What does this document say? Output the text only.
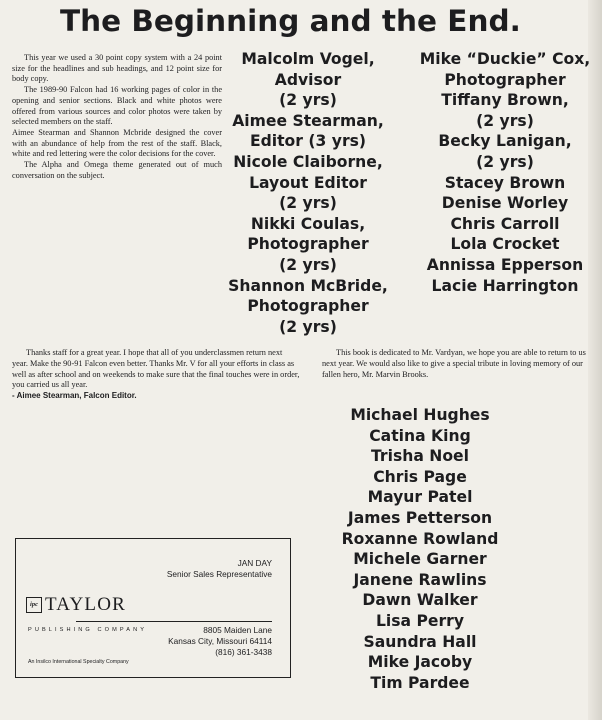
The Beginning and the End.

This year we used a 30 point copy system with a 24 point size for the headlines and sub headings, and 12 point size for body copy.

The 1989-90 Falcon had 16 working pages of color in the opening and senior sections. Black and white photos were offered from various sources and color photos were taken by selected members on the staff.

Aimee Stearman and Shannon Mcbride designed the cover with an abundance of help from the rest of the staff. Black, white and red lettering were the color decisions for the cover.

The Alpha and Omega theme generated out of much conversation on the subject.

Malcolm Vogel,
Advisor
(2 yrs)
Aimee Stearman,
Editor (3 yrs)
Nicole Claiborne,
Layout Editor
(2 yrs)
Nikki Coulas,
Photographer
(2 yrs)
Shannon McBride,
Photographer
(2 yrs)
Mike “Duckie” Cox,
Photographer
Tiffany Brown,
(2 yrs)
Becky Lanigan,
(2 yrs)
Stacey Brown
Denise Worley
Chris Carroll
Lola Crocket
Annissa Epperson
Lacie Harrington

Thanks staff for a great year. I hope that all of you underclassmen return next year. Make the 90-91 Falcon even better. Thanks Mr. V for all your efforts in class as well as after school and on weekends to make sure that the final touches were in order, you carried us all year.

- Aimee Stearman, Falcon Editor.

This book is dedicated to Mr. Vardyan, we hope you are able to return to us next year. We would also like to give a special tribute in loving memory of our fallen hero, Mr. Marvin Brooks.

Michael Hughes
Catina King
Trisha Noel
Chris Page
Mayur Patel
James Petterson
Roxanne Rowland
Michele Garner
Janene Rawlins
Dawn Walker
Lisa Perry
Saundra Hall
Mike Jacoby
Tim Pardee
JAN DAY
Senior Sales Representative
ipc TAYLOR
PUBLISHING COMPANY	8805 Maiden Lane
Kansas City, Missouri 64114
(816) 361-3438
An Insilco International Specialty Company
